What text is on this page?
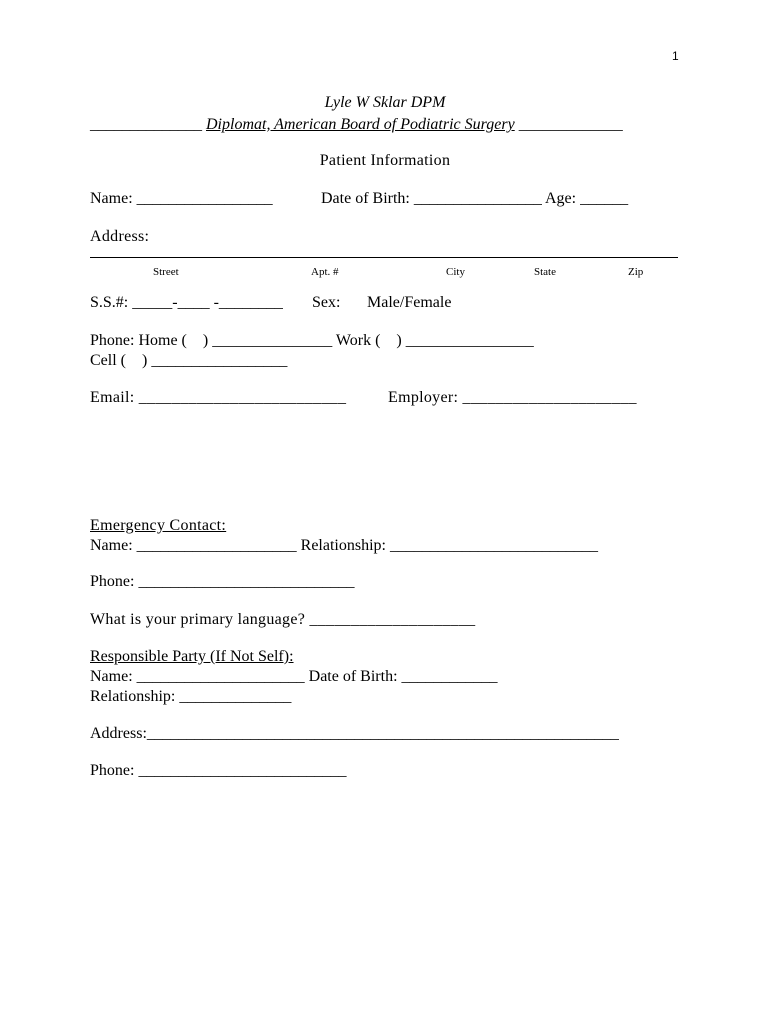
1
Lyle W Sklar DPM
______________ Diplomat, American Board of Podiatric Surgery _____________
Patient Information
Name: _________________	Date of Birth: ________________ Age: ______
Address:
Street	Apt. #	City	State	Zip
S.S.#: _____-____ -________ Sex: Male/Female
Phone: Home (    ) _______________ Work (    ) ________________
Cell (    ) _________________
Email: _________________________	Employer: _____________________
Emergency Contact:
Name: ____________________ Relationship: __________________________
Phone: ___________________________
What is your primary language? ____________________
Responsible Party (If Not Self):
Name: _____________________ Date of Birth: ____________
Relationship: ______________
Address:___________________________________________________________
Phone: __________________________
